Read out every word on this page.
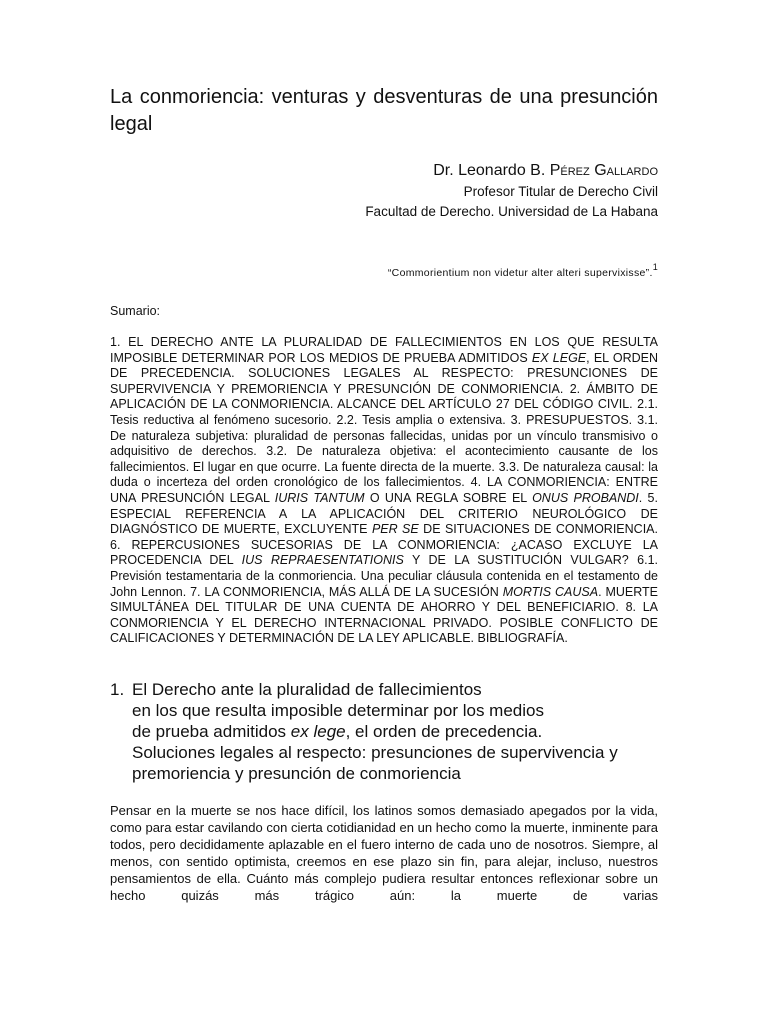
La conmoriencia: venturas y desventuras de una presunción legal
Dr. Leonardo B. Pérez Gallardo
Profesor Titular de Derecho Civil
Facultad de Derecho. Universidad de La Habana
“Commorientium non videtur alter alteri supervixisse”.$^1$
Sumario:
1. EL DERECHO ANTE LA PLURALIDAD DE FALLECIMIENTOS EN LOS QUE RESULTA IMPOSIBLE DETERMINAR POR LOS MEDIOS DE PRUEBA ADMITIDOS EX LEGE, EL ORDEN DE PRECEDENCIA. SOLUCIONES LEGALES AL RESPECTO: PRESUNCIONES DE SUPERVIVENCIA Y PREMORIENCIA Y PRESUNCIÓN DE CONMORIENCIA. 2. ÁMBITO DE APLICACIÓN DE LA CONMORIENCIA. ALCANCE DEL ARTÍCULO 27 DEL CÓDIGO CIVIL. 2.1. Tesis reductiva al fenómeno sucesorio. 2.2. Tesis amplia o extensiva. 3. PRESUPUESTOS. 3.1. De naturaleza subjetiva: pluralidad de personas fallecidas, unidas por un vínculo transmisivo o adquisitivo de derechos. 3.2. De naturaleza objetiva: el acontecimiento causante de los fallecimientos. El lugar en que ocurre. La fuente directa de la muerte. 3.3. De naturaleza causal: la duda o incerteza del orden cronológico de los fallecimientos. 4. LA CONMORIENCIA: ENTRE UNA PRESUNCIÓN LEGAL IURIS TANTUM O UNA REGLA SOBRE EL ONUS PROBANDI. 5. ESPECIAL REFERENCIA A LA APLICACIÓN DEL CRITERIO NEUROLÓGICO DE DIAGNÓSTICO DE MUERTE, EXCLUYENTE PER SE DE SITUACIONES DE CONMORIENCIA. 6. REPERCUSIONES SUCESORIAS DE LA CONMORIENCIA: ¿ACASO EXCLUYE LA PROCEDENCIA DEL IUS REPRAESENTATIONIS Y DE LA SUSTITUCIÓN VULGAR? 6.1. Previsión testamentaria de la conmoriencia. Una peculiar cláusula contenida en el testamento de John Lennon. 7. LA CONMORIENCIA, MÁS ALLÁ DE LA SUCESIÓN MORTIS CAUSA. MUERTE SIMULTÁNEA DEL TITULAR DE UNA CUENTA DE AHORRO Y DEL BENEFICIARIO. 8. LA CONMORIENCIA Y EL DERECHO INTERNACIONAL PRIVADO. POSIBLE CONFLICTO DE CALIFICACIONES Y DETERMINACIÓN DE LA LEY APLICABLE. BIBLIOGRAFÍA.
1. El Derecho ante la pluralidad de fallecimientos
en los que resulta imposible determinar por los medios
de prueba admitidos ex lege, el orden de precedencia.
Soluciones legales al respecto: presunciones de supervivencia y
premoriencia y presunción de conmoriencia

Pensar en la muerte se nos hace difícil, los latinos somos demasiado apegados por la vida, como para estar cavilando con cierta cotidianidad en un hecho como la muerte, inminente para todos, pero decididamente aplazable en el fuero interno de cada uno de nosotros. Siempre, al menos, con sentido optimista, creemos en ese plazo sin fin, para alejar, incluso, nuestros pensamientos de ella. Cuánto más complejo pudiera resultar entonces reflexionar sobre un hecho quizás más trágico aún: la muerte de varias
